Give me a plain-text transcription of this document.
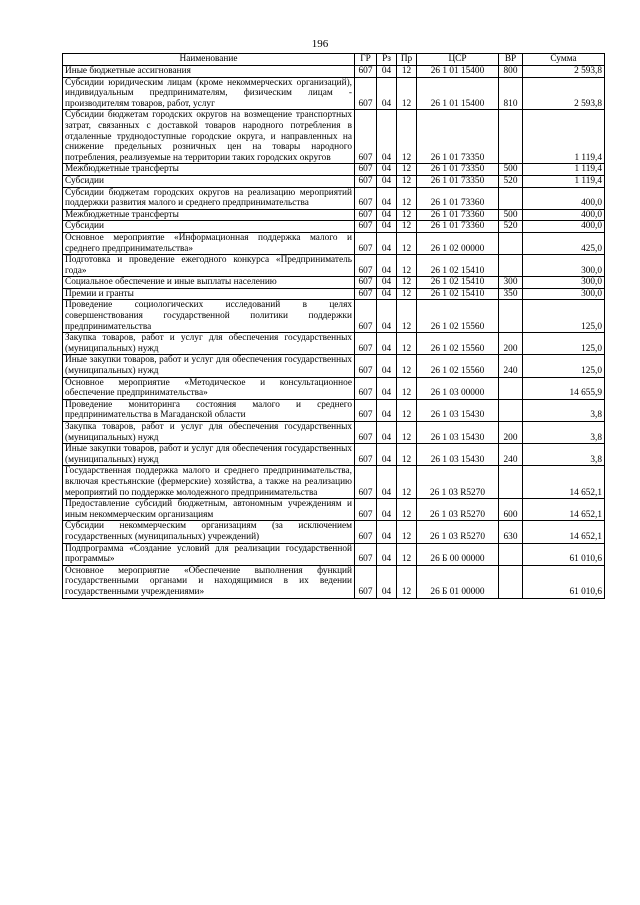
196
Наименование	ГР	Рз	Пр	ЦСР	ВР	Сумма
Иные бюджетные ассигнования	607	04	12	26 1 01 15400	800	2 593,8
Субсидии юридическим лицам (кроме некоммерческих организаций), индивидуальным предпринимателям, физическим лицам - производителям товаров, работ, услуг	607	04	12	26 1 01 15400	810	2 593,8
Субсидии бюджетам городских округов на возмещение транспортных затрат, связанных с доставкой товаров народного потребления в отдаленные труднодоступные городские округа, и направленных на снижение предельных розничных цен на товары народного потребления, реализуемые на территории таких городских округов	607	04	12	26 1 01 73350		1 119,4
Межбюджетные трансферты	607	04	12	26 1 01 73350	500	1 119,4
Субсидии	607	04	12	26 1 01 73350	520	1 119,4
Субсидии бюджетам городских округов на реализацию мероприятий поддержки развития малого и среднего предпринимательства	607	04	12	26 1 01 73360		400,0
Межбюджетные трансферты	607	04	12	26 1 01 73360	500	400,0
Субсидии	607	04	12	26 1 01 73360	520	400,0
Основное мероприятие «Информационная поддержка малого и среднего предпринимательства»	607	04	12	26 1 02 00000		425,0
Подготовка и проведение ежегодного конкурса «Предприниматель года»	607	04	12	26 1 02 15410		300,0
Социальное обеспечение и иные выплаты населению	607	04	12	26 1 02 15410	300	300,0
Премии и гранты	607	04	12	26 1 02 15410	350	300,0
Проведение социологических исследований в целях совершенствования государственной политики поддержки предпринимательства	607	04	12	26 1 02 15560		125,0
Закупка товаров, работ и услуг для обеспечения государственных (муниципальных) нужд	607	04	12	26 1 02 15560	200	125,0
Иные закупки товаров, работ и услуг для обеспечения государственных (муниципальных) нужд	607	04	12	26 1 02 15560	240	125,0
Основное мероприятие «Методическое и консультационное обеспечение предпринимательства»	607	04	12	26 1 03 00000		14 655,9
Проведение мониторинга состояния малого и среднего предпринимательства в Магаданской области	607	04	12	26 1 03 15430		3,8
Закупка товаров, работ и услуг для обеспечения государственных (муниципальных) нужд	607	04	12	26 1 03 15430	200	3,8
Иные закупки товаров, работ и услуг для обеспечения государственных (муниципальных) нужд	607	04	12	26 1 03 15430	240	3,8
Государственная поддержка малого и среднего предпринимательства, включая крестьянские (фермерские) хозяйства, а также на реализацию мероприятий по поддержке молодежного предпринимательства	607	04	12	26 1 03 R5270		14 652,1
Предоставление субсидий бюджетным, автономным учреждениям и иным некоммерческим организациям	607	04	12	26 1 03 R5270	600	14 652,1
Субсидии некоммерческим организациям (за исключением государственных (муниципальных) учреждений)	607	04	12	26 1 03 R5270	630	14 652,1
Подпрограмма «Создание условий для реализации государственной программы»	607	04	12	26 Б 00 00000		61 010,6
Основное мероприятие «Обеспечение выполнения функций государственными органами и находящимися в их ведении государственными учреждениями»	607	04	12	26 Б 01 00000		61 010,6
